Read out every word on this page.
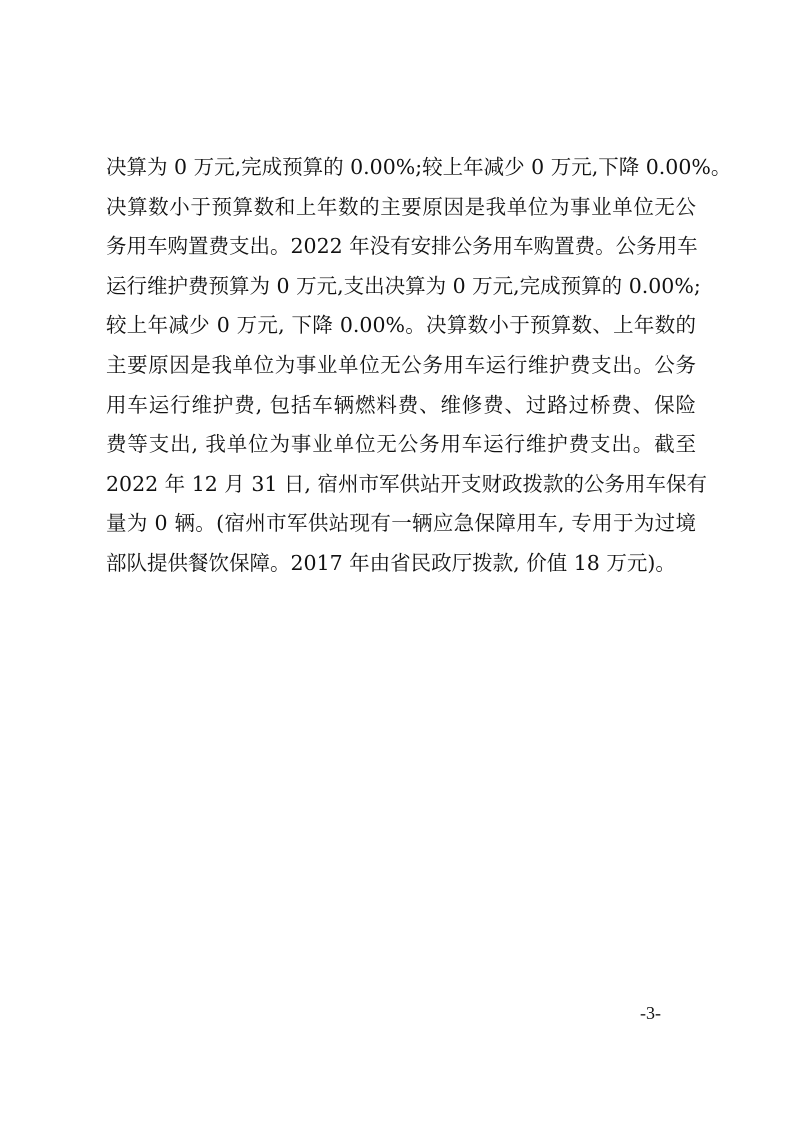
决算为 0 万元,完成预算的 0.00%;较上年减少 0 万元,下降 0.00%。
决算数小于预算数和上年数的主要原因是我单位为事业单位无公
务用车购置费支出。2022 年没有安排公务用车购置费。公务用车
运行维护费预算为 0 万元,支出决算为 0 万元,完成预算的 0.00%;
较上年减少 0 万元, 下降 0.00%。决算数小于预算数、上年数的
主要原因是我单位为事业单位无公务用车运行维护费支出。公务
用车运行维护费, 包括车辆燃料费、维修费、过路过桥费、保险
费等支出, 我单位为事业单位无公务用车运行维护费支出。截至
2022 年 12 月 31 日, 宿州市军供站开支财政拨款的公务用车保有
量为 0 辆。(宿州市军供站现有一辆应急保障用车, 专用于为过境
部队提供餐饮保障。2017 年由省民政厅拨款, 价值 18 万元)。
-3-
